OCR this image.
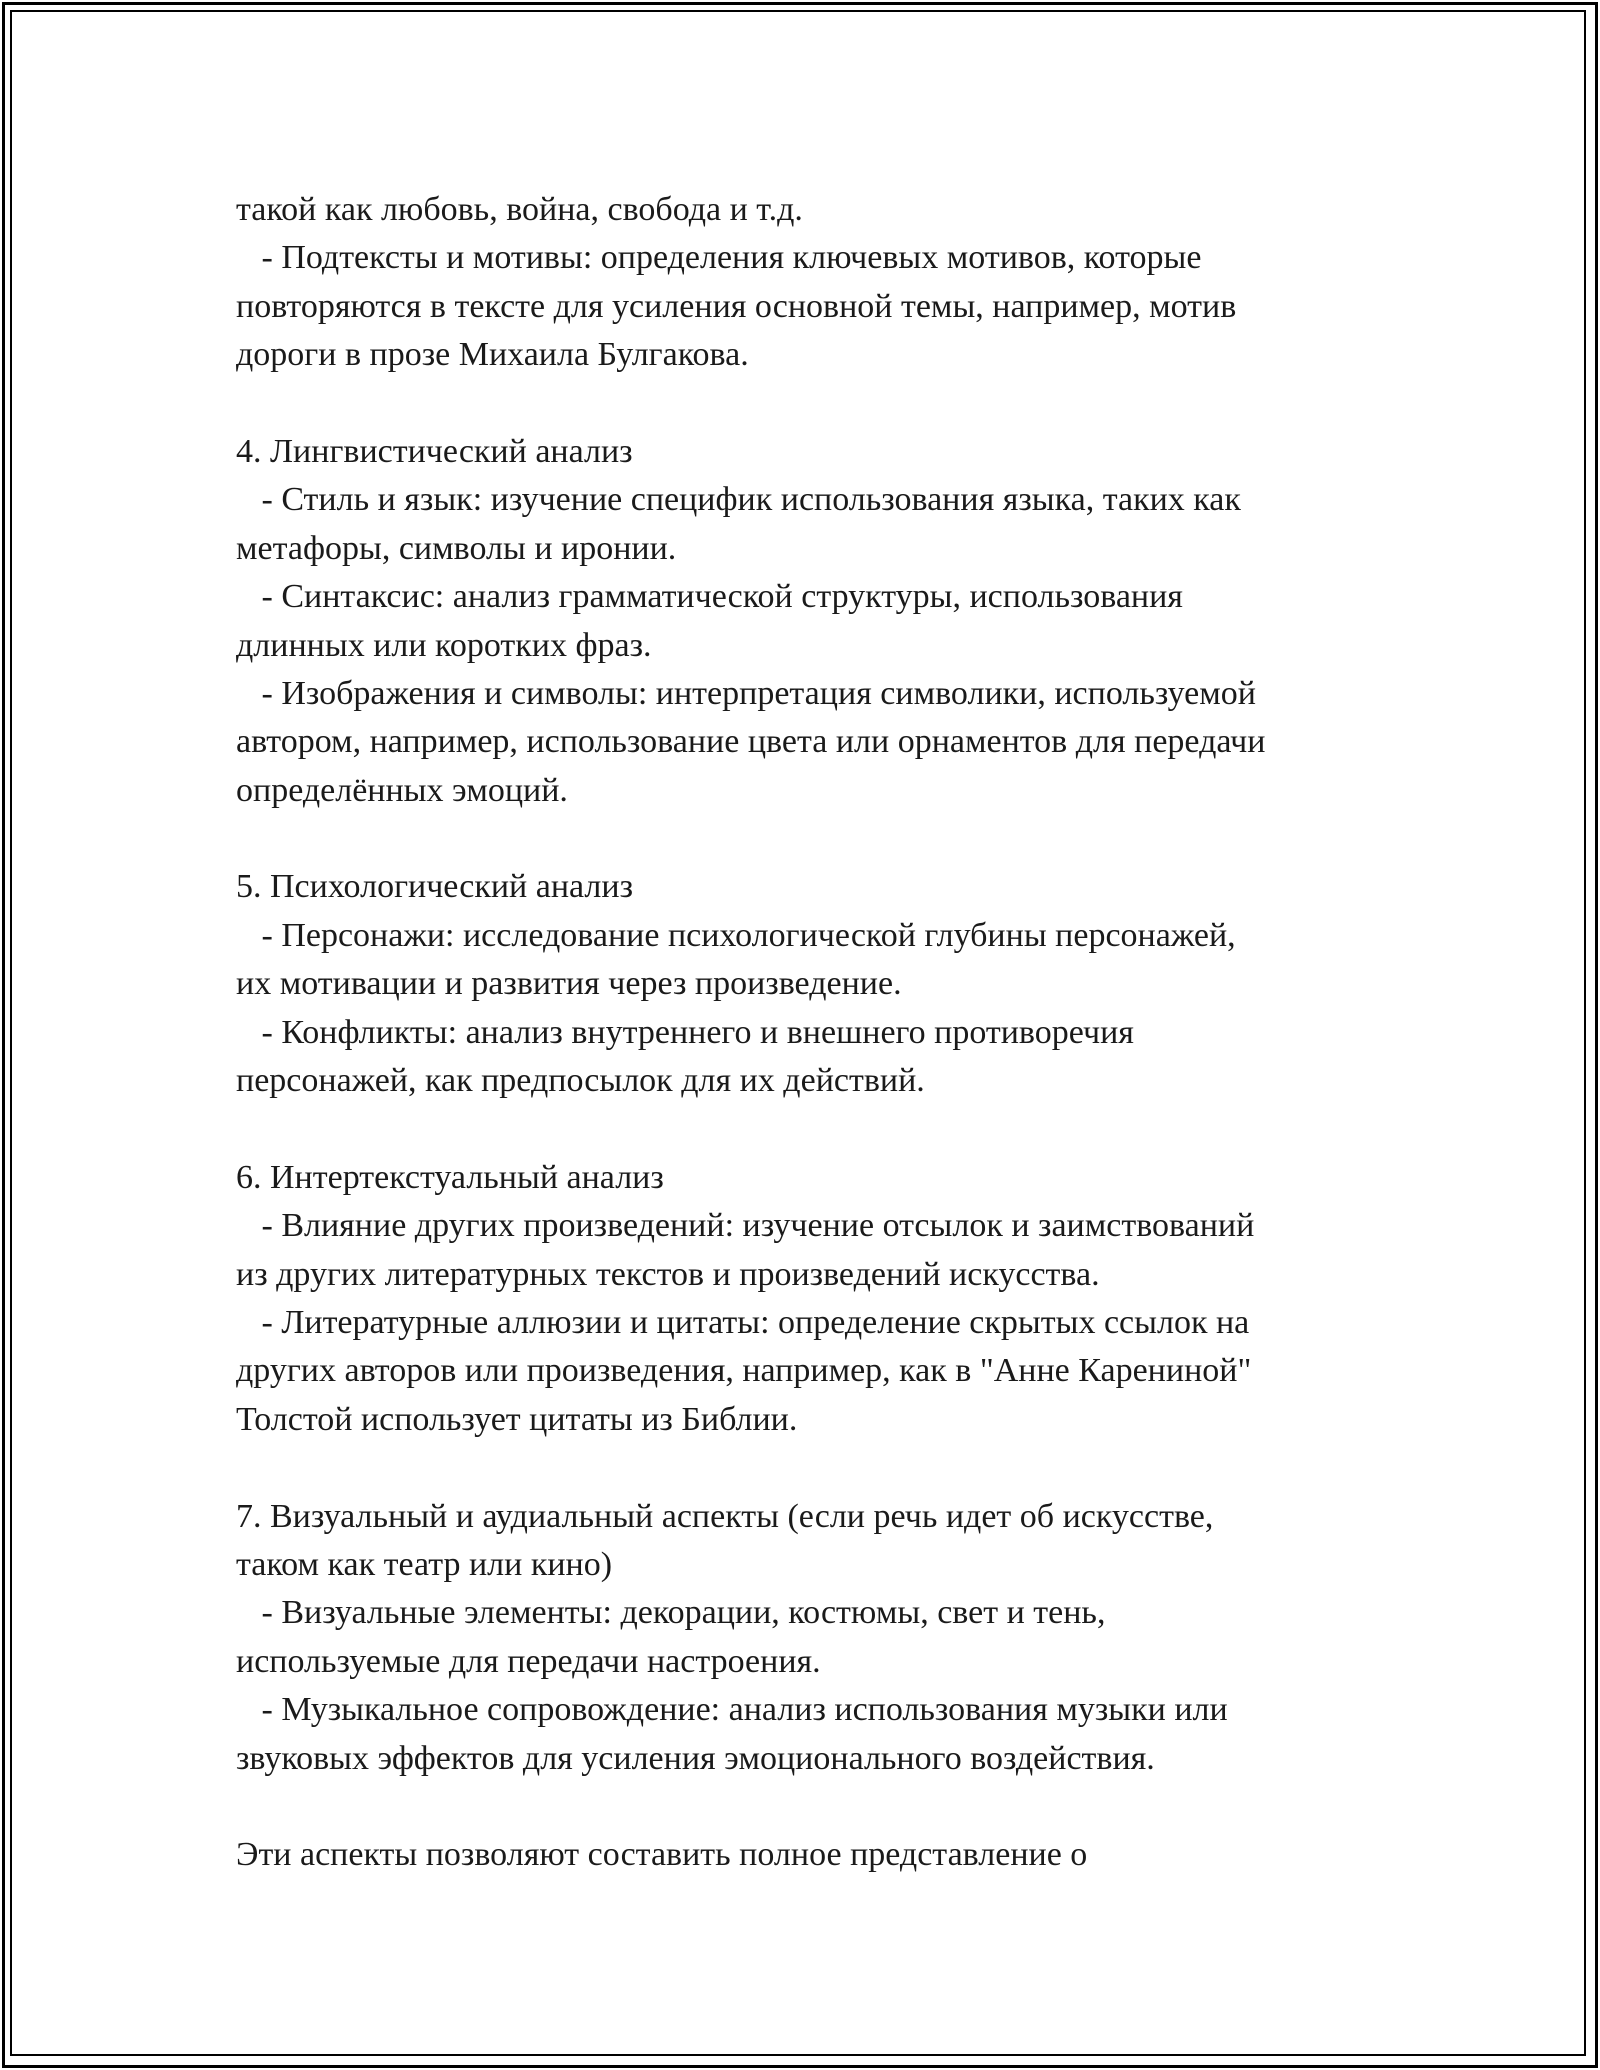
такой как любовь, война, свобода и т.д.
- Подтексты и мотивы: определения ключевых мотивов, которые
повторяются в тексте для усиления основной темы, например, мотив
дороги в прозе Михаила Булгакова.
4. Лингвистический анализ
- Стиль и язык: изучение специфик использования языка, таких как
метафоры, символы и иронии.
- Синтаксис: анализ грамматической структуры, использования
длинных или коротких фраз.
- Изображения и символы: интерпретация символики, используемой
автором, например, использование цвета или орнаментов для передачи
определённых эмоций.
5. Психологический анализ
- Персонажи: исследование психологической глубины персонажей,
их мотивации и развития через произведение.
- Конфликты: анализ внутреннего и внешнего противоречия
персонажей, как предпосылок для их действий.
6. Интертекстуальный анализ
- Влияние других произведений: изучение отсылок и заимствований
из других литературных текстов и произведений искусства.
- Литературные аллюзии и цитаты: определение скрытых ссылок на
других авторов или произведения, например, как в "Анне Карениной"
Толстой использует цитаты из Библии.
7. Визуальный и аудиальный аспекты (если речь идет об искусстве,
таком как театр или кино)
- Визуальные элементы: декорации, костюмы, свет и тень,
используемые для передачи настроения.
- Музыкальное сопровождение: анализ использования музыки или
звуковых эффектов для усиления эмоционального воздействия.
Эти аспекты позволяют составить полное представление о
